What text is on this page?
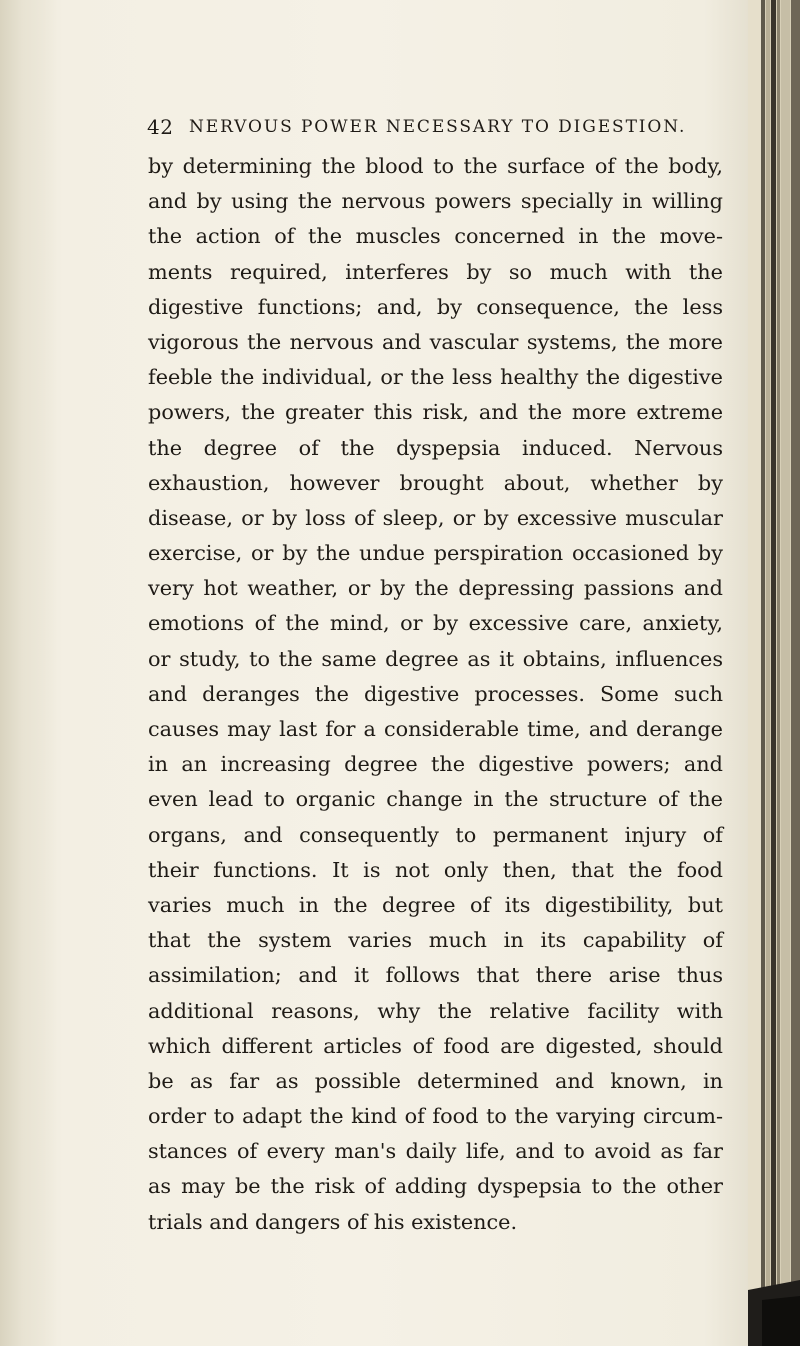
42 NERVOUS POWER NECESSARY TO DIGESTION.
by determining the blood to the surface of the body,
and by using the nervous powers specially in willing
the action of the muscles concerned in the move-
ments required, interferes by so much with the
digestive functions; and, by consequence, the less
vigorous the nervous and vascular systems, the more
feeble the individual, or the less healthy the digestive
powers, the greater this risk, and the more extreme
the degree of the dyspepsia induced. Nervous
exhaustion, however brought about, whether by
disease, or by loss of sleep, or by excessive muscular
exercise, or by the undue perspiration occasioned by
very hot weather, or by the depressing passions and
emotions of the mind, or by excessive care, anxiety,
or study, to the same degree as it obtains, influences
and deranges the digestive processes. Some such
causes may last for a considerable time, and derange
in an increasing degree the digestive powers; and
even lead to organic change in the structure of the
organs, and consequently to permanent injury of
their functions. It is not only then, that the food
varies much in the degree of its digestibility, but
that the system varies much in its capability of
assimilation; and it follows that there arise thus
additional reasons, why the relative facility with
which different articles of food are digested, should
be as far as possible determined and known, in
order to adapt the kind of food to the varying circum-
stances of every man's daily life, and to avoid as far
as may be the risk of adding dyspepsia to the other
trials and dangers of his existence.
